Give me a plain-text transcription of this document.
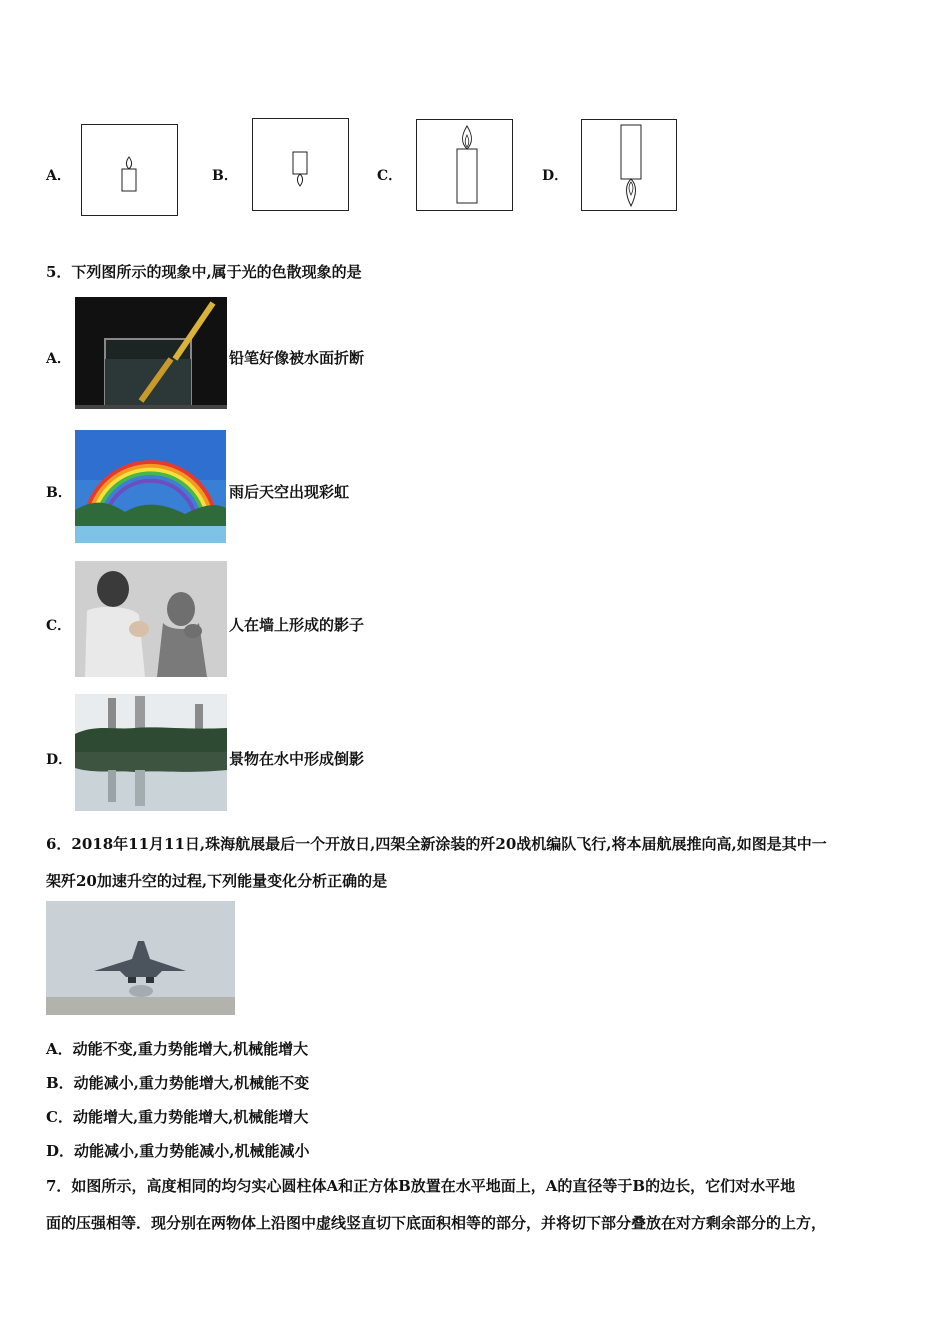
A．	B．	C．	D．
5．下列图所示的现象中,属于光的色散现象的是
A．	铅笔好像被水面折断
B．	雨后天空出现彩虹
C．	人在墙上形成的影子
D．	景物在水中形成倒影
6．2018年11月11日,珠海航展最后一个开放日,四架全新涂装的歼20战机编队飞行,将本届航展推向高,如图是其中一
架歼20加速升空的过程,下列能量变化分析正确的是
A．动能不变,重力势能增大,机械能增大
B．动能减小,重力势能增大,机械能不变
C．动能增大,重力势能增大,机械能增大
D．动能减小,重力势能减小,机械能减小
7．如图所示，高度相同的均匀实心圆柱体A和正方体B放置在水平地面上，A的直径等于B的边长，它们对水平地
面的压强相等．现分别在两物体上沿图中虚线竖直切下底面积相等的部分，并将切下部分叠放在对方剩余部分的上方，
